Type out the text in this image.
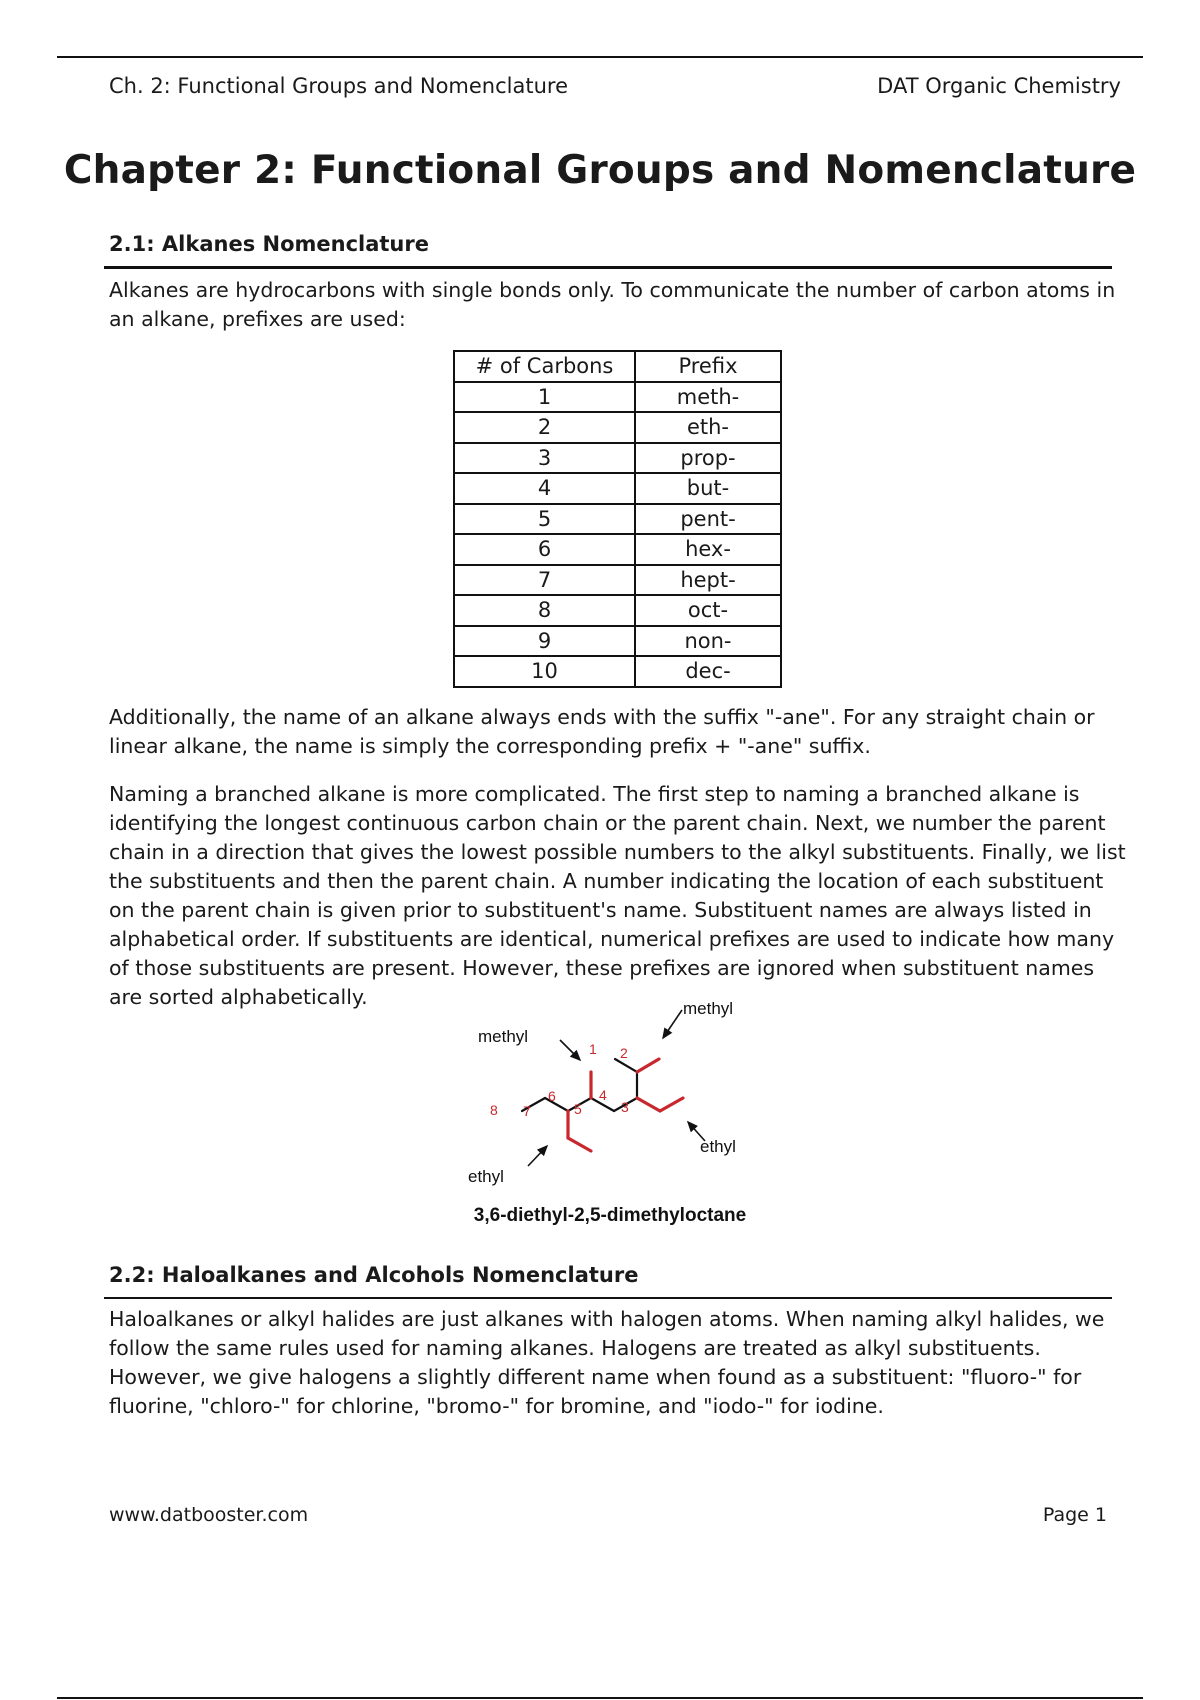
Ch. 2: Functional Groups and Nomenclature	DAT Organic Chemistry
Chapter 2: Functional Groups and Nomenclature
2.1: Alkanes Nomenclature

Alkanes are hydrocarbons with single bonds only. To communicate the number of carbon atoms in an alkane, prefixes are used:

# of Carbons	Prefix
1	meth-
2	eth-
3	prop-
4	but-
5	pent-
6	hex-
7	hept-
8	oct-
9	non-
10	dec-

Additionally, the name of an alkane always ends with the suffix "-ane". For any straight chain or linear alkane, the name is simply the corresponding prefix + "-ane" suffix.

Naming a branched alkane is more complicated. The first step to naming a branched alkane is identifying the longest continuous carbon chain or the parent chain. Next, we number the parent chain in a direction that gives the lowest possible numbers to the alkyl substituents. Finally, we list the substituents and then the parent chain. A number indicating the location of each substituent on the parent chain is given prior to substituent's name. Substituent names are always listed in alphabetical order. If substituents are identical, numerical prefixes are used to indicate how many of those substituents are present. However, these prefixes are ignored when substituent names are sorted alphabetically.	methyl
methyl
ethyl
ethyl
1 2
3
4
5
6
7
8
3,6-diethyl-2,5-dimethyloctane
2.2: Haloalkanes and Alcohols Nomenclature

Haloalkanes or alkyl halides are just alkanes with halogen atoms. When naming alkyl halides, we follow the same rules used for naming alkanes. Halogens are treated as alkyl substituents. However, we give halogens a slightly different name when found as a substituent: "fluoro-" for fluorine, "chloro-" for chlorine, "bromo-" for bromine, and "iodo-" for iodine.

www.datbooster.com	Page 1
